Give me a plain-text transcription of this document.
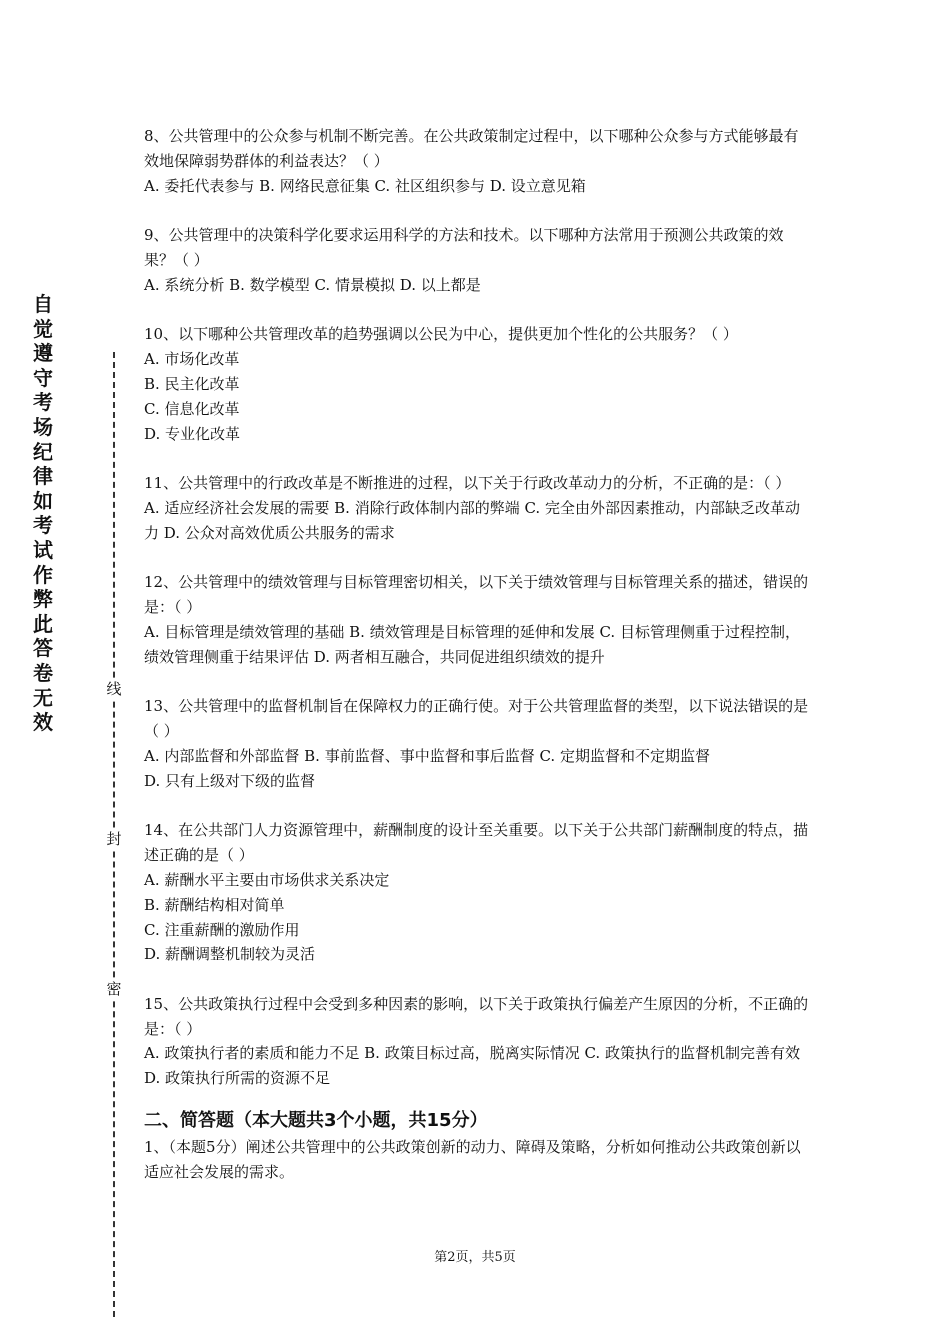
自觉遵守考场纪律如考试作弊此答卷无效
线
封
密

8、公共管理中的公众参与机制不断完善。在公共政策制定过程中，以下哪种公众参与方式能够最有效地保障弱势群体的利益表达？（ ）

A. 委托代表参与 B. 网络民意征集 C. 社区组织参与 D. 设立意见箱

9、公共管理中的决策科学化要求运用科学的方法和技术。以下哪种方法常用于预测公共政策的效果？（ ）

A. 系统分析 B. 数学模型 C. 情景模拟 D. 以上都是

10、以下哪种公共管理改革的趋势强调以公民为中心，提供更加个性化的公共服务？（ ）

A. 市场化改革

B. 民主化改革

C. 信息化改革

D. 专业化改革

11、公共管理中的行政改革是不断推进的过程，以下关于行政改革动力的分析，不正确的是：（ ）

A. 适应经济社会发展的需要 B. 消除行政体制内部的弊端 C. 完全由外部因素推动，内部缺乏改革动力 D. 公众对高效优质公共服务的需求

12、公共管理中的绩效管理与目标管理密切相关，以下关于绩效管理与目标管理关系的描述，错误的是：（ ）

A. 目标管理是绩效管理的基础 B. 绩效管理是目标管理的延伸和发展 C. 目标管理侧重于过程控制，绩效管理侧重于结果评估 D. 两者相互融合，共同促进组织绩效的提升

13、公共管理中的监督机制旨在保障权力的正确行使。对于公共管理监督的类型，以下说法错误的是（ ）

A. 内部监督和外部监督 B. 事前监督、事中监督和事后监督 C. 定期监督和不定期监督

D. 只有上级对下级的监督

14、在公共部门人力资源管理中，薪酬制度的设计至关重要。以下关于公共部门薪酬制度的特点，描述正确的是（ ）

A. 薪酬水平主要由市场供求关系决定

B. 薪酬结构相对简单

C. 注重薪酬的激励作用

D. 薪酬调整机制较为灵活

15、公共政策执行过程中会受到多种因素的影响，以下关于政策执行偏差产生原因的分析，不正确的是：（ ）

A. 政策执行者的素质和能力不足 B. 政策目标过高，脱离实际情况 C. 政策执行的监督机制完善有效 D. 政策执行所需的资源不足

二、简答题（本大题共3个小题，共15分）

1、（本题5分）阐述公共管理中的公共政策创新的动力、障碍及策略，分析如何推动公共政策创新以适应社会发展的需求。

第2页，共5页
